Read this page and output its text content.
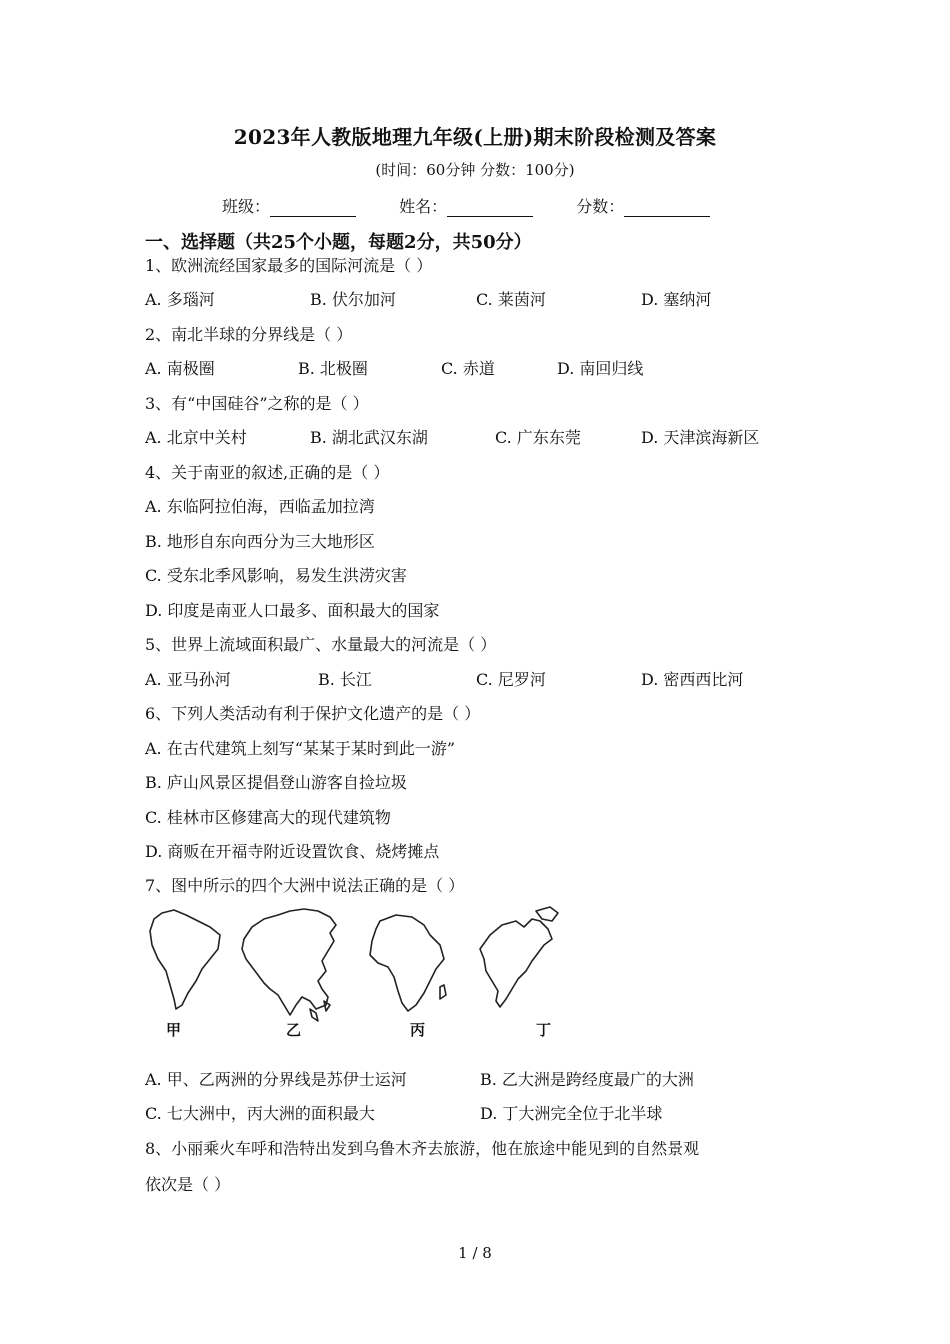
2023年人教版地理九年级(上册)期末阶段检测及答案
(时间：60分钟 分数：100分)
班级：	姓名：	分数：
一、选择题（共25个小题，每题2分，共50分）
1、欧洲流经国家最多的国际河流是（ ）
A. 多瑙河	B. 伏尔加河	C. 莱茵河	D. 塞纳河
2、南北半球的分界线是（ ）
A. 南极圈	B. 北极圈	C. 赤道	D. 南回归线
3、有“中国硅谷”之称的是（ ）
A. 北京中关村	B. 湖北武汉东湖	C. 广东东莞	D. 天津滨海新区
4、关于南亚的叙述,正确的是（ ）
A. 东临阿拉伯海，西临孟加拉湾
B. 地形自东向西分为三大地形区
C. 受东北季风影响，易发生洪涝灾害
D. 印度是南亚人口最多、面积最大的国家
5、世界上流域面积最广、水量最大的河流是（ ）
A. 亚马孙河	B. 长江	C. 尼罗河	D. 密西西比河
6、下列人类活动有利于保护文化遗产的是（ ）
A. 在古代建筑上刻写“某某于某时到此一游”
B. 庐山风景区提倡登山游客自捡垃圾
C. 桂林市区修建高大的现代建筑物
D. 商贩在开福寺附近设置饮食、烧烤摊点
7、图中所示的四个大洲中说法正确的是（ ）
甲	乙	丙	丁
A. 甲、乙两洲的分界线是苏伊士运河	B. 乙大洲是跨经度最广的大洲
C. 七大洲中，丙大洲的面积最大	D. 丁大洲完全位于北半球
8、小丽乘火车呼和浩特出发到乌鲁木齐去旅游，他在旅途中能见到的自然景观
依次是（ ）
1 / 8
